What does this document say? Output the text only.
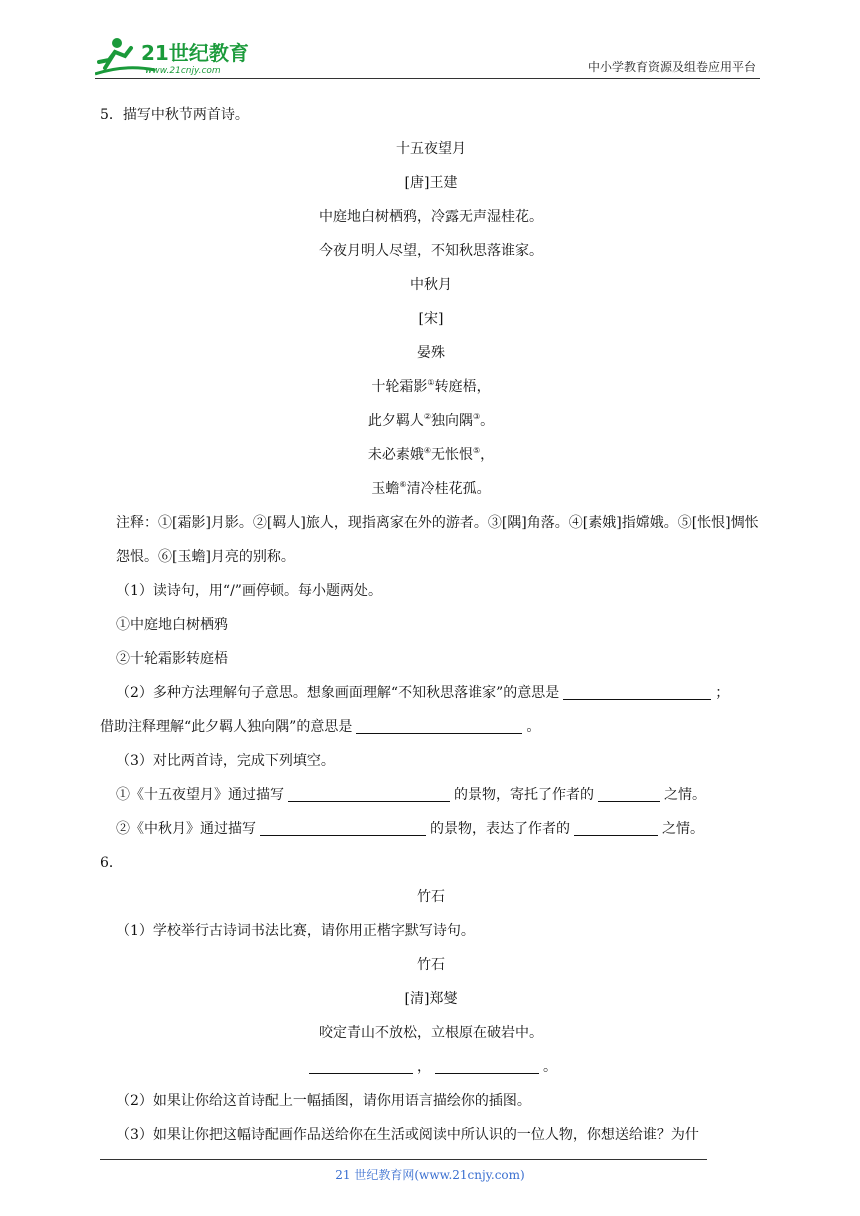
21世纪教育
www.21cnjy.com	中小学教育资源及组卷应用平台
5．描写中秋节两首诗。
十五夜望月
[唐]王建
中庭地白树栖鸦，冷露无声湿桂花。
今夜月明人尽望，不知秋思落谁家。
中秋月
[宋]
晏殊
十轮霜影①转庭梧，
此夕羁人②独向隅③。
未必素娥④无怅恨⑤，
玉蟾⑥清冷桂花孤。
注释：①[霜影]月影。②[羁人]旅人，现指离家在外的游者。③[隅]角落。④[素娥]指嫦娥。⑤[怅恨]惆怅怨恨。⑥[玉蟾]月亮的别称。
（1）读诗句，用“/”画停顿。每小题两处。
①中庭地白树栖鸦
②十轮霜影转庭梧
（2）多种方法理解句子意思。想象画面理解“不知秋思落谁家”的意思是	；
借助注释理解“此夕羁人独向隅”的意思是	。
（3）对比两首诗，完成下列填空。
①《十五夜望月》通过描写	的景物，寄托了作者的	之情。
②《中秋月》通过描写	的景物，表达了作者的	之情。
6．
竹石
（1）学校举行古诗词书法比赛，请你用正楷字默写诗句。
竹石
[清]郑燮
咬定青山不放松，立根原在破岩中。
，	。
（2）如果让你给这首诗配上一幅插图，请你用语言描绘你的插图。
（3）如果让你把这幅诗配画作品送给你在生活或阅读中所认识的一位人物，你想送给谁？为什
21 世纪教育网(www.21cnjy.com)
